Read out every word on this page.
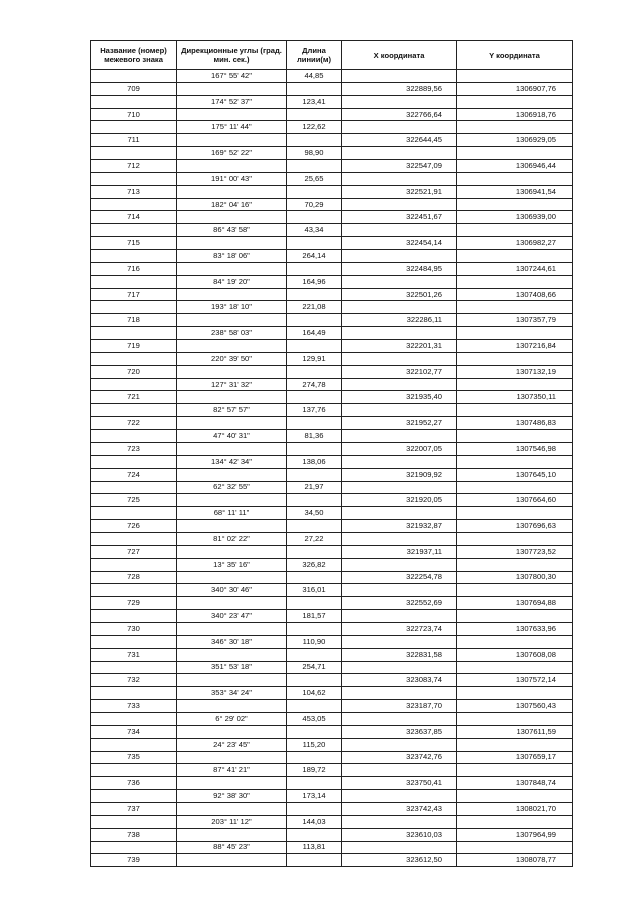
Название (номер) межевого знака	Дирекционные углы (град. мин. сек.)	Длина линии(м)	X координата	Y координата
	167° 55' 42"	44,85		
709			322889,56	1306907,76
	174° 52' 37"	123,41		
710			322766,64	1306918,76
	175° 11' 44"	122,62		
711			322644,45	1306929,05
	169° 52' 22"	98,90		
712			322547,09	1306946,44
	191° 00' 43"	25,65		
713			322521,91	1306941,54
	182° 04' 16"	70,29		
714			322451,67	1306939,00
	86° 43' 58"	43,34		
715			322454,14	1306982,27
	83° 18' 06"	264,14		
716			322484,95	1307244,61
	84° 19' 20"	164,96		
717			322501,26	1307408,66
	193° 18' 10"	221,08		
718			322286,11	1307357,79
	238° 58' 03"	164,49		
719			322201,31	1307216,84
	220° 39' 50"	129,91		
720			322102,77	1307132,19
	127° 31' 32"	274,78		
721			321935,40	1307350,11
	82° 57' 57"	137,76		
722			321952,27	1307486,83
	47° 40' 31"	81,36		
723			322007,05	1307546,98
	134° 42' 34"	138,06		
724			321909,92	1307645,10
	62° 32' 55"	21,97		
725			321920,05	1307664,60
	68° 11' 11"	34,50		
726			321932,87	1307696,63
	81° 02' 22"	27,22		
727			321937,11	1307723,52
	13° 35' 16"	326,82		
728			322254,78	1307800,30
	340° 30' 46"	316,01		
729			322552,69	1307694,88
	340° 23' 47"	181,57		
730			322723,74	1307633,96
	346° 30' 18"	110,90		
731			322831,58	1307608,08
	351° 53' 18"	254,71		
732			323083,74	1307572,14
	353° 34' 24"	104,62		
733			323187,70	1307560,43
	6° 29' 02"	453,05		
734			323637,85	1307611,59
	24° 23' 45"	115,20		
735			323742,76	1307659,17
	87° 41' 21"	189,72		
736			323750,41	1307848,74
	92° 38' 30"	173,14		
737			323742,43	1308021,70
	203° 11' 12"	144,03		
738			323610,03	1307964,99
	88° 45' 23"	113,81		
739			323612,50	1308078,77
